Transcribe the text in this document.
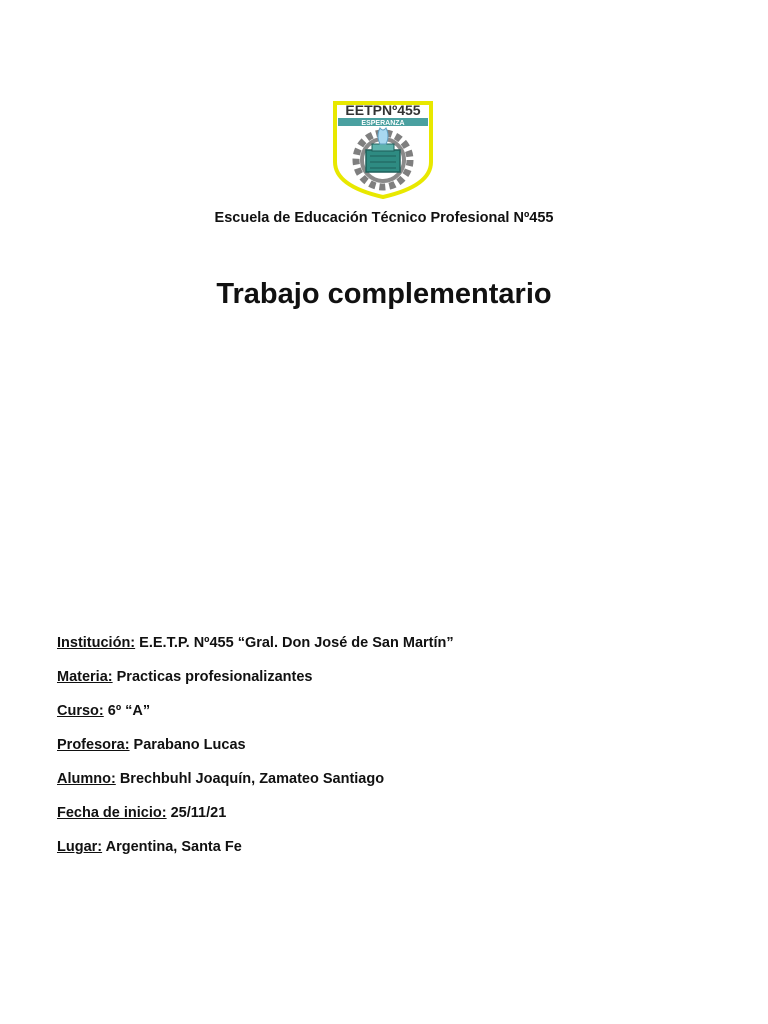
EETPNº455
ESPERANZA
Escuela de Educación Técnico Profesional Nº455
Trabajo complementario
Institución: E.E.T.P. Nº455 “Gral. Don José de San Martín”
Materia: Practicas profesionalizantes
Curso: 6º “A”
Profesora: Parabano Lucas
Alumno: Brechbuhl Joaquín, Zamateo Santiago
Fecha de inicio: 25/11/21
Lugar: Argentina, Santa Fe
